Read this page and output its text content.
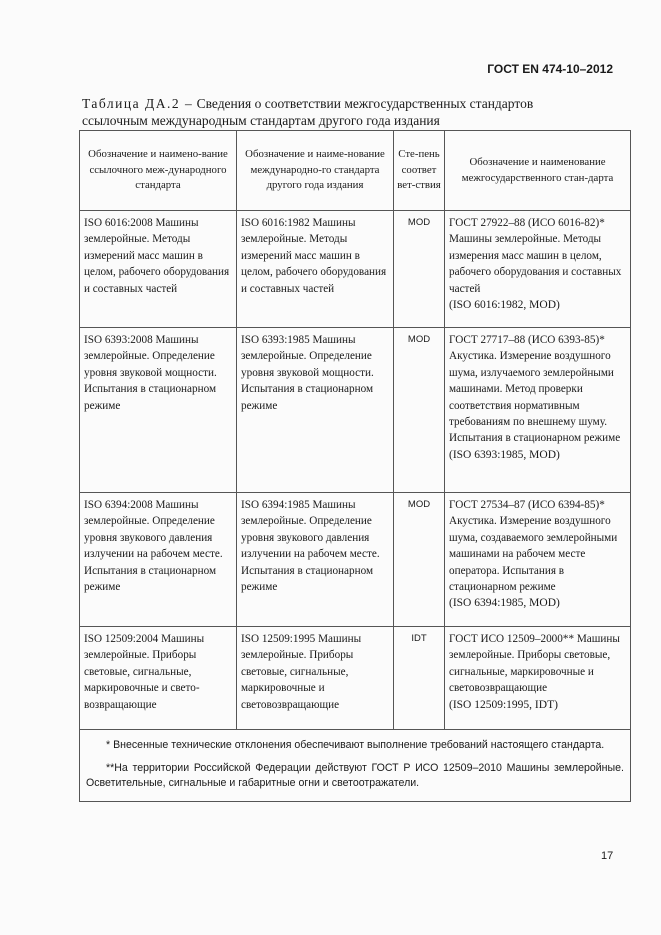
ГОСТ EN 474-10–2012
Таблица ДА.2 – Сведения о соответствии межгосударственных стандартов
ссылочным международным стандартам другого года издания
Обозначение и наимено-вание ссылочного меж-дународного стандарта	Обозначение и наиме-нование международно-го стандарта другого года издания	Сте-пень соответ вет-ствия	Обозначение и наименование межгосударственного стан-дарта
ISO 6016:2008 Машины землеройные. Методы измерений масс машин в целом, рабочего оборудования и составных частей	ISO 6016:1982 Машины землеройные. Методы измерений масс машин в целом, рабочего оборудования и составных частей	MOD	ГОСТ 27922–88 (ИСО 6016-82)* Машины землеройные. Методы измерения масс машин в целом, рабочего оборудования и составных частей
(ISO 6016:1982, MOD)

ISO 6393:2008 Машины землеройные. Определение уровня звуковой мощности. Испытания в стационарном режиме	ISO 6393:1985 Машины землеройные. Определение уровня звуковой мощности. Испытания в стационарном режиме	MOD	ГОСТ 27717–88 (ИСО 6393-85)* Акустика. Измерение воздушного шума, излучаемого землеройными машинами. Метод проверки соответствия нормативным требованиям по внешнему шуму. Испытания в стационарном режиме
(ISO 6393:1985, MOD)

ISO 6394:2008 Машины землеройные. Определение уровня звукового давления излучении на рабочем месте. Испытания в стационарном режиме	ISO 6394:1985 Машины землеройные. Определение уровня звукового давления излучении на рабочем месте. Испытания в стационарном режиме	MOD	ГОСТ 27534–87 (ИСО 6394-85)* Акустика. Измерение воздушного шума, создаваемого землеройными машинами на рабочем месте оператора. Испытания в стационарном режиме
(ISO 6394:1985, MOD)

ISO 12509:2004 Машины землеройные. Приборы световые, сигнальные, маркировочные и свето-возвращающие	ISO 12509:1995 Машины землеройные. Приборы световые, сигнальные, маркировочные и световозвращающие	IDT	ГОСТ ИСО 12509–2000** Машины землеройные. Приборы световые, сигнальные, маркировочные и световозвращающие
(ISO 12509:1995, IDT)

* Внесенные технические отклонения обеспечивают выполнение требований настоящего стандарта.

**На территории Российской Федерации действуют ГОСТ Р ИСО 12509–2010 Машины землеройные. Осветительные, сигнальные и габаритные огни и светоотражатели.			

17
